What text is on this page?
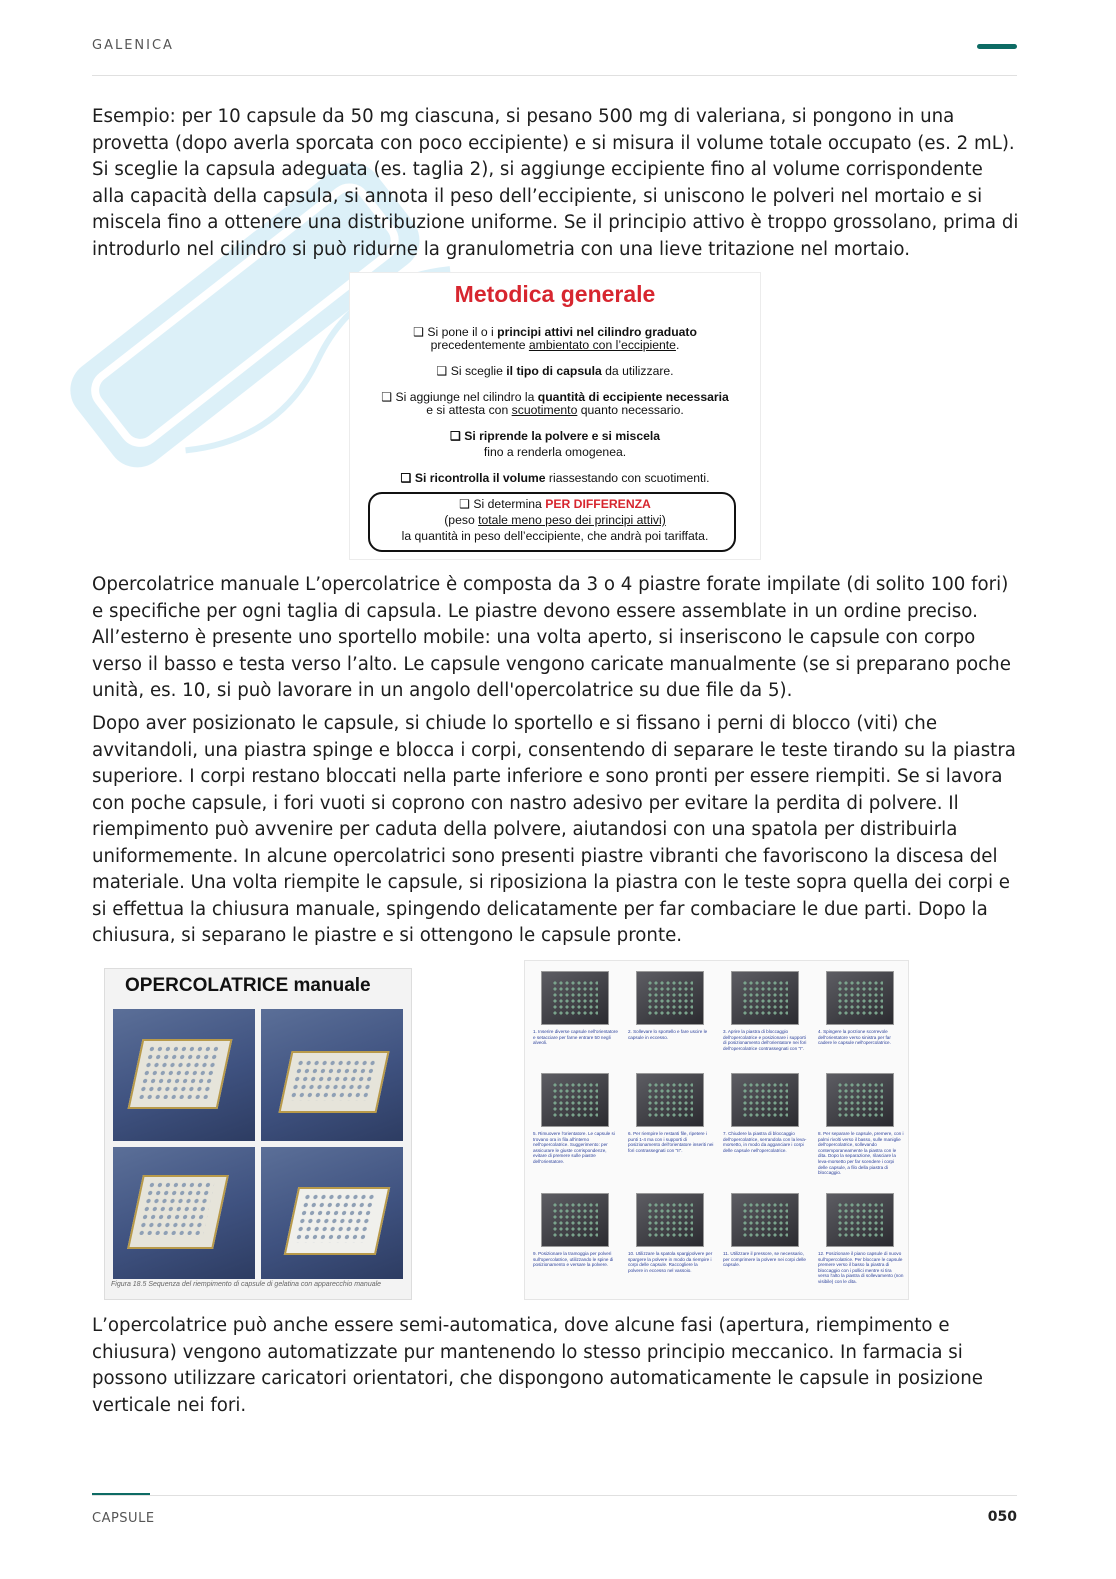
GALENICA

Esempio: per 10 capsule da 50 mg ciascuna, si pesano 500 mg di valeriana, si pongono in una provetta (dopo averla sporcata con poco eccipiente) e si misura il volume totale occupato (es. 2 mL). Si sceglie la capsula adeguata (es. taglia 2), si aggiunge eccipiente fino al volume corrispondente alla capacità della capsula, si annota il peso dell’eccipiente, si uniscono le polveri nel mortaio e si miscela fino a ottenere una distribuzione uniforme. Se il principio attivo è troppo grossolano, prima di introdurlo nel cilindro si può ridurne la granulometria con una lieve tritazione nel mortaio.

Metodica generale
❑ Si pone il o i principi attivi nel cilindro graduato
precedentemente ambientato con l’eccipiente.
❑ Si sceglie il tipo di capsula da utilizzare.
❑ Si aggiunge nel cilindro la quantità di eccipiente necessaria
e si attesta con scuotimento quanto necessario.
❑ Si riprende la polvere e si miscela
fino a renderla omogenea.
❑ Si ricontrolla il volume riassestando con scuotimenti.
❑ Si determina PER DIFFERENZA
(peso totale meno peso dei principi attivi)
la quantità in peso dell’eccipiente, che andrà poi tariffata.

Opercolatrice manuale L’opercolatrice è composta da 3 o 4 piastre forate impilate (di solito 100 fori) e specifiche per ogni taglia di capsula. Le piastre devono essere assemblate in un ordine preciso. All’esterno è presente uno sportello mobile: una volta aperto, si inseriscono le capsule con corpo verso il basso e testa verso l’alto. Le capsule vengono caricate manualmente (se si preparano poche unità, es. 10, si può lavorare in un angolo dell'opercolatrice su due file da 5).

Dopo aver posizionato le capsule, si chiude lo sportello e si fissano i perni di blocco (viti) che avvitandoli, una piastra spinge e blocca i corpi, consentendo di separare le teste tirando su la piastra superiore. I corpi restano bloccati nella parte inferiore e sono pronti per essere riempiti. Se si lavora con poche capsule, i fori vuoti si coprono con nastro adesivo per evitare la perdita di polvere. Il riempimento può avvenire per caduta della polvere, aiutandosi con una spatola per distribuirla uniformemente. In alcune opercolatrici sono presenti piastre vibranti che favoriscono la discesa del materiale. Una volta riempite le capsule, si riposiziona la piastra con le teste sopra quella dei corpi e si effettua la chiusura manuale, spingendo delicatamente per far combaciare le due parti. Dopo la chiusura, si separano le piastre e si ottengono le capsule pronte.

OPERCOLATRICE manuale
Figura 18.5 Sequenza del riempimento di capsule di gelatina con apparecchio manuale
1. Inserire diverse capsule nell'orientatore e setacciare per farne entrare 50 negli alveoli.
2. Sollevare lo sportello e fare uscire le capsule in eccesso.
3. Aprire la piastra di bloccaggio dell'opercolatrice e posizionare i supporti di posizionamento dell'orientatore nei fori dell'opercolatrice contrassegnati con "I".
4. Spingere la porzione scorrevole dell'orientatore verso sinistra per far cadere le capsule nell'opercolatrice.
5. Rimuovere l'orientatore. Le capsule si trovano ora in fila all'interno nell'opercolatrice. Suggerimento: per assicurare le giuste corrispondenze, evitare di premere sulle piastre dell'orientatore.
6. Per riempire le restanti file, ripetere i punti 1-4 ma con i supporti di posizionamento dell'orientatore inseriti nei fori contrassegnati con "II".
7. Chiudere la piastra di bloccaggio dell'opercolatrice, serrandola con la leva-morsetto, in modo da agganciare i corpi delle capsule nell'opercolatrice.
8. Per separare le capsule, premere, con i palmi rivolti verso il basso, sulle maniglie dell'opercolatrice, sollevando contemporaneamente la piastra con le dita. Dopo la separazione, rilasciare la leva-morsetto per far scendere i corpi delle capsule, a filo della piastra di bloccaggio.
9. Posizionare la tramoggia per polveri sull'opercolatrice, utilizzando le spine di posizionamento e versare la polvere.
10. Utilizzare la spatola spargipolvere per spargere la polvere in modo da riempire i corpi delle capsule. Raccogliere la polvere in eccesso nel vassoio.
11. Utilizzare il pressore, se necessario, per comprimere la polvere nei corpi delle capsule.
12. Posizionare il piano capsule di nuovo sull'opercolatrice. Per bloccare le capsule premere verso il basso la piastra di bloccaggio con i pollici mentre si tira verso l'alto la piastra di sollevamento (non visibile) con le dita.

L’opercolatrice può anche essere semi-automatica, dove alcune fasi (apertura, riempimento e chiusura) vengono automatizzate pur mantenendo lo stesso principio meccanico. In farmacia si possono utilizzare caricatori orientatori, che dispongono automaticamente le capsule in posizione verticale nei fori.

CAPSULE	050
